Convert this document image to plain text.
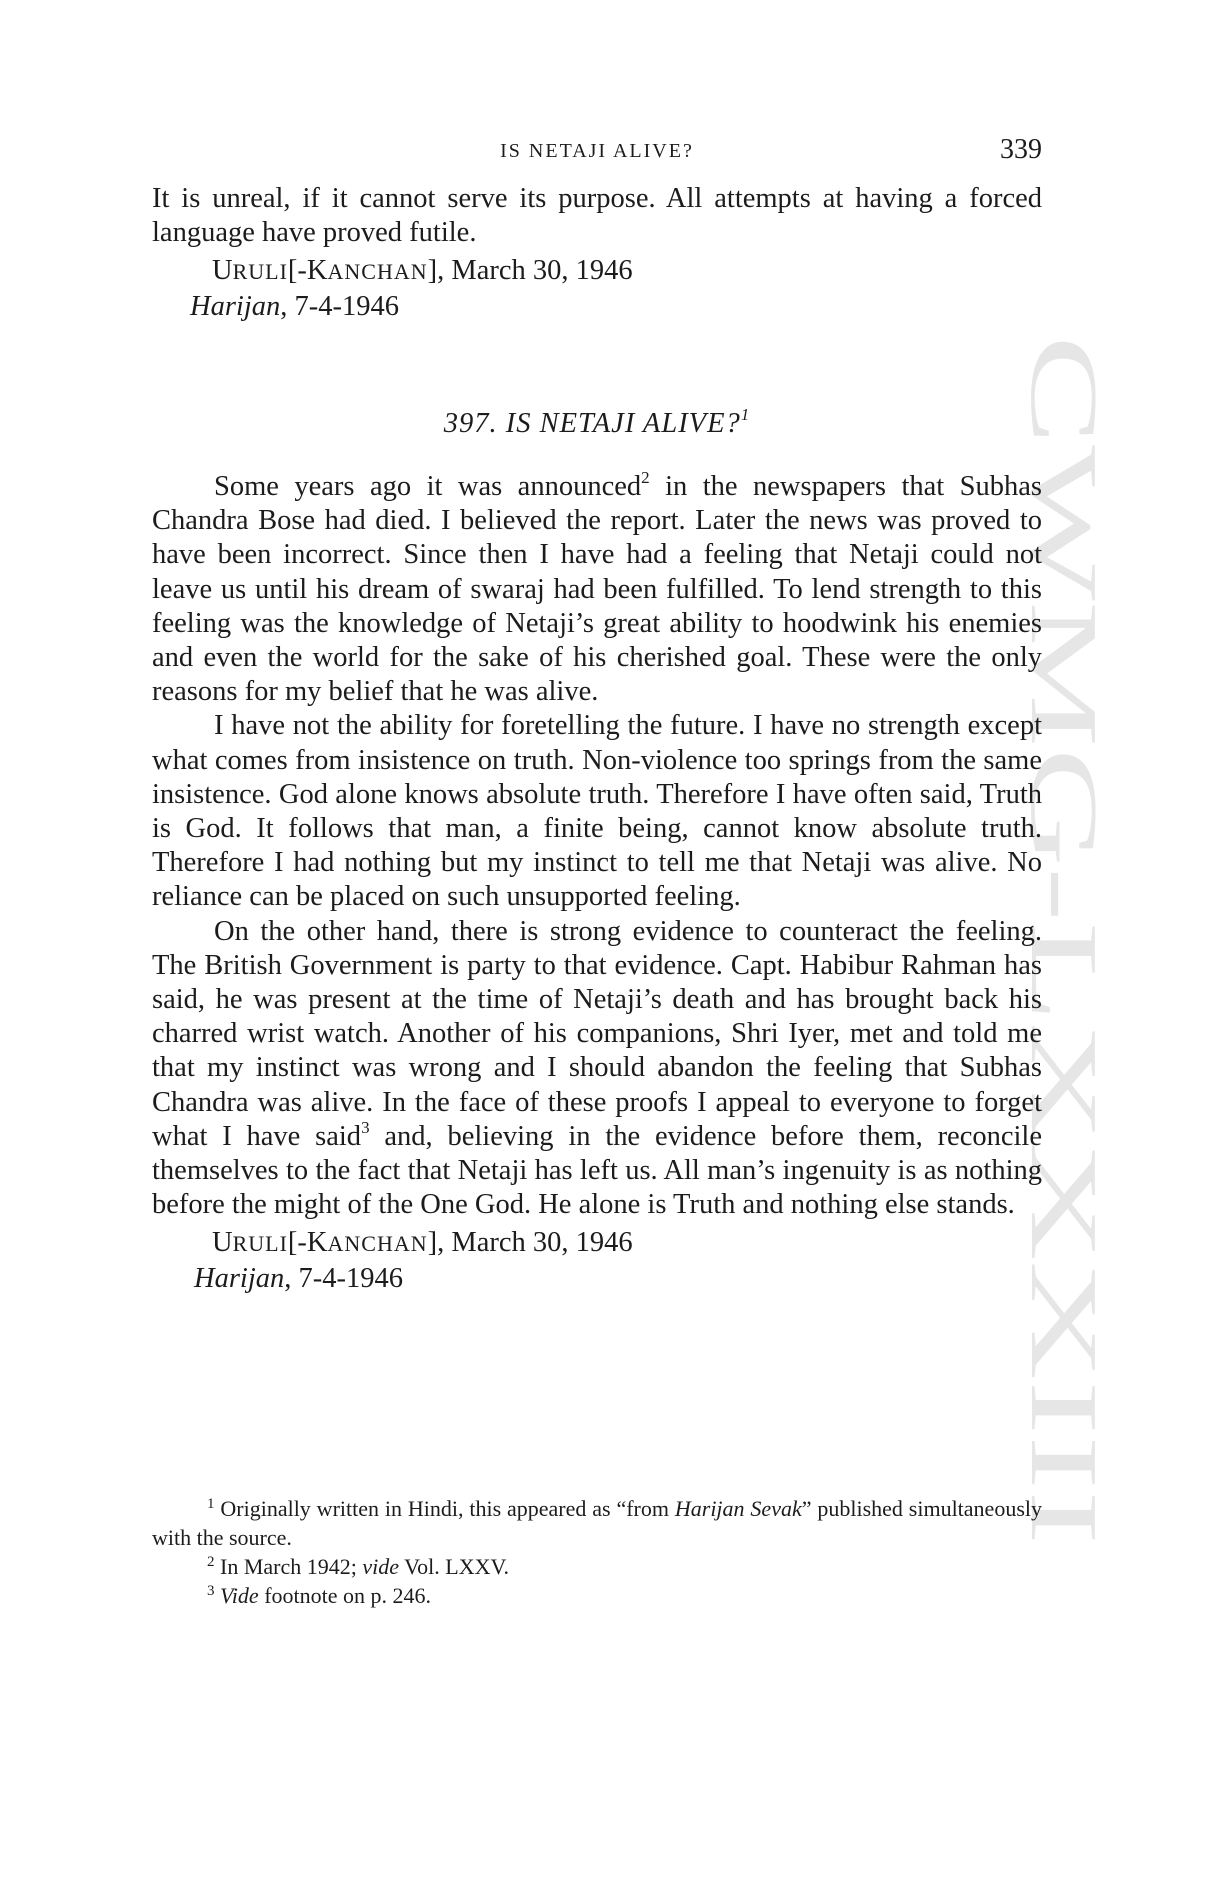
CWMG-LXXXIII
IS NETAJI ALIVE?	339

It is unreal, if it cannot serve its purpose. All attempts at having a forced language have proved futile.

URULI[-KANCHAN], March 30, 1946

Harijan, 7-4-1946

397. IS NETAJI ALIVE?$^1$

Some years ago it was announced$^2$ in the newspapers that Subhas Chandra Bose had died. I believed the report. Later the news was proved to have been incorrect. Since then I have had a feeling that Netaji could not leave us until his dream of swaraj had been fulfilled. To lend strength to this feeling was the knowledge of Netaji’s great ability to hoodwink his enemies and even the world for the sake of his cherished goal. These were the only reasons for my belief that he was alive.

I have not the ability for foretelling the future. I have no strength except what comes from insistence on truth. Non-violence too springs from the same insistence. God alone knows absolute truth. Therefore I have often said, Truth is God. It follows that man, a finite being, cannot know absolute truth. Therefore I had nothing but my instinct to tell me that Netaji was alive. No reliance can be placed on such unsupported feeling.

On the other hand, there is strong evidence to counteract the feeling. The British Government is party to that evidence. Capt. Habibur Rahman has said, he was present at the time of Netaji’s death and has brought back his charred wrist watch. Another of his companions, Shri Iyer, met and told me that my instinct was wrong and I should abandon the feeling that Subhas Chandra was alive. In the face of these proofs I appeal to everyone to forget what I have said$^3$ and, believing in the evidence before them, reconcile themselves to the fact that Netaji has left us. All man’s ingenuity is as nothing before the might of the One God. He alone is Truth and nothing else stands.

URULI[-KANCHAN], March 30, 1946

Harijan, 7-4-1946

$^1$ Originally written in Hindi, this appeared as “from Harijan Sevak” published simultaneously with the source.

$^2$ In March 1942; vide Vol. LXXV.

$^3$ Vide footnote on p. 246.
